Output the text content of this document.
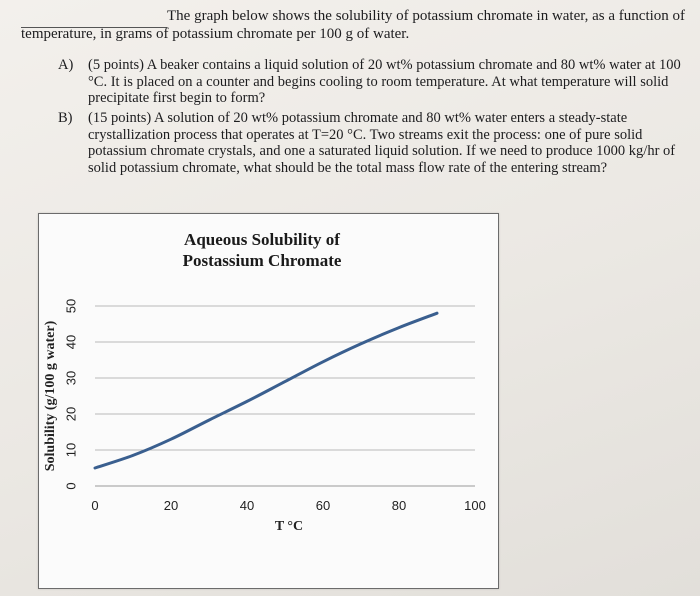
The graph below shows the solubility of potassium chromate in water, as a function of
temperature, in grams of potassium chromate per 100 g of water.
A) (5 points) A beaker contains a liquid solution of 20 wt% potassium chromate and 80 wt% water at 100
°C. It is placed on a counter and begins cooling to room temperature. At what temperature will solid
precipitate first begin to form?
B) (15 points) A solution of 20 wt% potassium chromate and 80 wt% water enters a steady-state
crystallization process that operates at T=20 °C. Two streams exit the process: one of pure solid
potassium chromate crystals, and one a saturated liquid solution. If we need to produce 1000 kg/hr of
solid potassium chromate, what should be the total mass flow rate of the entering stream?
Aqueous Solubility of
Postassium Chromate
0
10
20
30
40
50
0	20	40	60	80	100
T °C
Solubility (g/100 g water)
